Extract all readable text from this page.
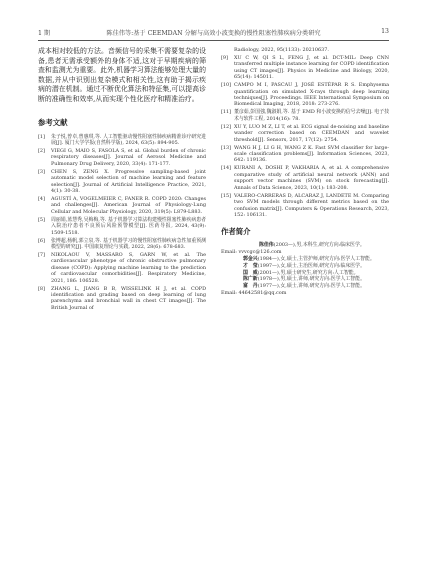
1 期	陈佳伟等:基于 CEEMDAN 分解与高效小波变换的慢性阻塞性肺疾病分类研究	13

成本相对较低的方法。音频信号的采集不需要复杂的设备,患者无需承受额外的身体不适,这对于早期疾病的筛查和监测尤为重要。此外,机器学习算法能够处理大量的数据,并从中识别出复杂模式和相关性,这有助于揭示疾病的潜在机制。通过不断优化算法和特征集,可以提高诊断的准确性和效率,从而实现个性化医疗和精准治疗。

参考文献
[1] 朱子悦,曾卓,曾惠琪,等. 人工智能驱动慢性阻塞性肺疾病精准诊疗研究进展[J]. 厦门大学学报(自然科学版), 2024, 63(5): 894-905.
[2] VIEGI G, MAIO S, FASOLA S, et al. Global burden of chronic respiratory diseases[J]. Journal of Aerosol Medicine and Pulmonary Drug Delivery, 2020, 33(4): 171-177.
[3] CHEN S, ZENG X. Progressive sampling-based joint automatic model selection of machine learning and feature selection[J]. Journal of Artificial Intelligence Practice, 2021, 4(1): 30-38.
[4] AGUSTÍ A, VOGELMEIER C, FANER R. COPD 2020: Changes and challenges[J]. American Journal of Physiology-Lung Cellular and Molecular Physiology, 2020, 319(5): L879-L883.
[5] 周丽娟,蓝慧秀,吴梅梅,等. 基于机器学习算法构建慢性阻塞性肺疾病患者入院治疗患者不良预后风险预警模型[J]. 医药导报, 2024, 43(9): 1509-1518.
[6] 张博超,杨帆,郭立泉,等. 基于机器学习的慢性阻塞性肺疾病急性加重预测模型的研究[J]. 中国康复理论与实践, 2022, 28(6): 678-683.
[7] NIKOLAOU V, MASSARO S, GARN W, et al. The cardiovascular phenotype of chronic obstructive pulmonary disease (COPD): Applying machine learning to the prediction of cardiovascular comorbidities[J]. Respiratory Medicine, 2021, 186: 106528.
[8] ZHANG L, JIANG B B, WISSELINK H J, et al. COPD identification and grading based on deep learning of lung parenchyma and bronchial wall in chest CT images[J]. The British Journal of
Radiology, 2022, 95(1133): 20210637.
[9] XU C W, QI S L, FENG J, et al. DCT-MIL: Deep CNN transferred multiple instance learning for COPD identification using CT images[J]. Physics in Medicine and Biology, 2020, 65(14): 145011.
[10] CAMPO M I, PASCAU J, JOSÉ ESTÉPAR R S. Emphysema quantification on simulated X-rays through deep learning techniques[J]. Proceedings. IEEE International Symposium on Biomedical Imaging, 2018, 2018: 273-276.
[11] 董彦茹,彭国強,魏淑娟,等. 基于 EMD 和小波变换的信号去噪[J]. 电子技术与软件工程, 2014(16): 78.
[12] XU Y, LUO M Z, LI T, et al. ECG signal de-noising and baseline wander correction based on CEEMDAN and wavelet threshold[J]. Sensors, 2017, 17(12): 2754.
[13] WANG H J, LI G H, WANG Z K. Fast SVM classifier for large-scale classification problems[J]. Information Sciences, 2023, 642: 119136.
[14] KURANI A, DOSHI P, VAKHARIA A, et al. A comprehensive comparative study of artificial neural network (ANN) and support vector machines (SVM) on stock forecasting[J]. Annals of Data Science, 2023, 10(1): 183-208.
[15] VALERO-CARRERAS D, ALCARAZ J, LANDETE M. Comparing two SVM models through different metrics based on the confusion matrix[J]. Computers & Operations Research, 2023, 152: 106131.
作者简介
陈佳伟(2003—),男,本科生,研究方向:临床医学。
Email: vvvcgc@126.com
郭金兴(1984—),女,硕士,主管护师,研究方向:医学人工智能。
才　莹(1997—),女,硕士,主治医师,研究方向:临床医学。
国　威(2001—),男,硕士研究生,研究方向:人工智能。
陈广新(1978—),男,硕士,讲师,研究方向:医学人工智能。
富　丹(1977—),女,硕士,讲师,研究方向:医学人工智能。
Email: 44642581@qq.com
